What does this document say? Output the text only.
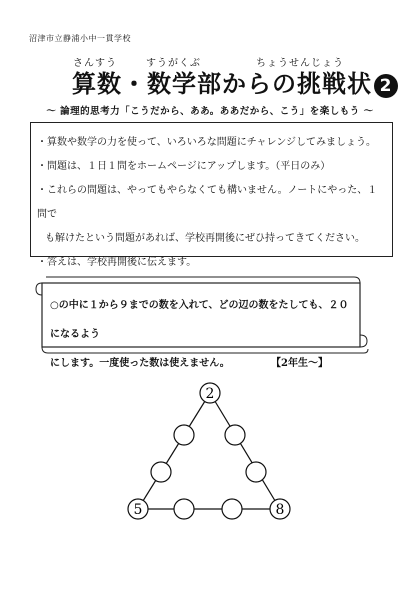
沼津市立静浦小中一貫学校
さんすう	すうがくぶ	ちょうせんじょう
算数・数学部からの挑戦状 2
～ 論理的思考力「こうだから、ああ。ああだから、こう」を楽しもう ～

・算数や数学の力を使って、いろいろな問題にチャレンジしてみましょう。

・問題は、１日１問をホームページにアップします。（平日のみ）

・これらの問題は、やってもやらなくても構いません。ノートにやった、１問で

も解けたという問題があれば、学校再開後にぜひ持ってきてください。

・答えは、学校再開後に伝えます。

○の中に１から９までの数を入れて、どの辺の数をたしても、２０になるよう
にします。一度使った数は使えません。	【2年生～】
2
5	8
